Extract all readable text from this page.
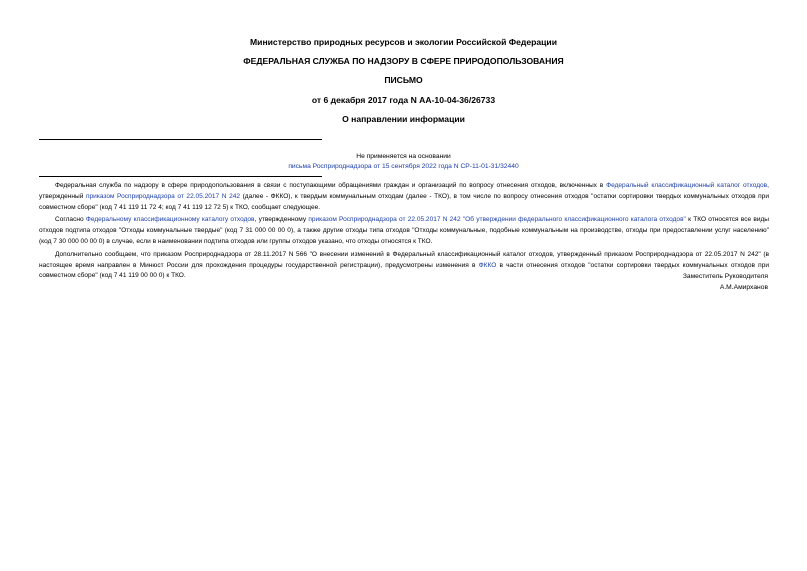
Министерство природных ресурсов и экологии Российской Федерации
ФЕДЕРАЛЬНАЯ СЛУЖБА ПО НАДЗОРУ В СФЕРЕ ПРИРОДОПОЛЬЗОВАНИЯ
ПИСЬМО
от 6 декабря 2017 года N АА-10-04-36/26733
О направлении информации
Не применяется на основании
письма Росприроднадзора от 15 сентября 2022 года N СР-11-01-31/32440

Федеральная служба по надзору в сфере природопользования в связи с поступающими обращениями граждан и организаций по вопросу отнесения отходов, включенных в Федеральный классификационный каталог отходов, утвержденный приказом Росприроднадзора от 22.05.2017 N 242 (далее - ФККО), к твердым коммунальным отходам (далее - ТКО), в том числе по вопросу отнесения отходов "остатки сортировки твердых коммунальных отходов при совместном сборе" (код 7 41 119 11 72 4; код 7 41 119 12 72 5) к ТКО, сообщает следующее.

Согласно Федеральному классификационному каталогу отходов, утвержденному приказом Росприроднадзора от 22.05.2017 N 242 "Об утверждении федерального классификационного каталога отходов" к ТКО относятся все виды отходов подтипа отходов "Отходы коммунальные твердые" (код 7 31 000 00 00 0), а также другие отходы типа отходов "Отходы коммунальные, подобные коммунальным на производстве, отходы при предоставлении услуг населению" (код 7 30 000 00 00 0) в случае, если в наименовании подтипа отходов или группы отходов указано, что отходы относятся к ТКО.

Дополнительно сообщаем, что приказом Росприроднадзора от 28.11.2017 N 566 "О внесении изменений в Федеральный классификационный каталог отходов, утвержденный приказом Росприроднадзора от 22.05.2017 N 242" (в настоящее время направлен в Минюст России для прохождения процедуры государственной регистрации), предусмотрены изменения в ФККО в части отнесения отходов "остатки сортировки твердых коммунальных отходов при совместном сборе" (код 7 41 119 00 00 0) к ТКО.	Заместитель Руководителя
А.М.Амирханов
